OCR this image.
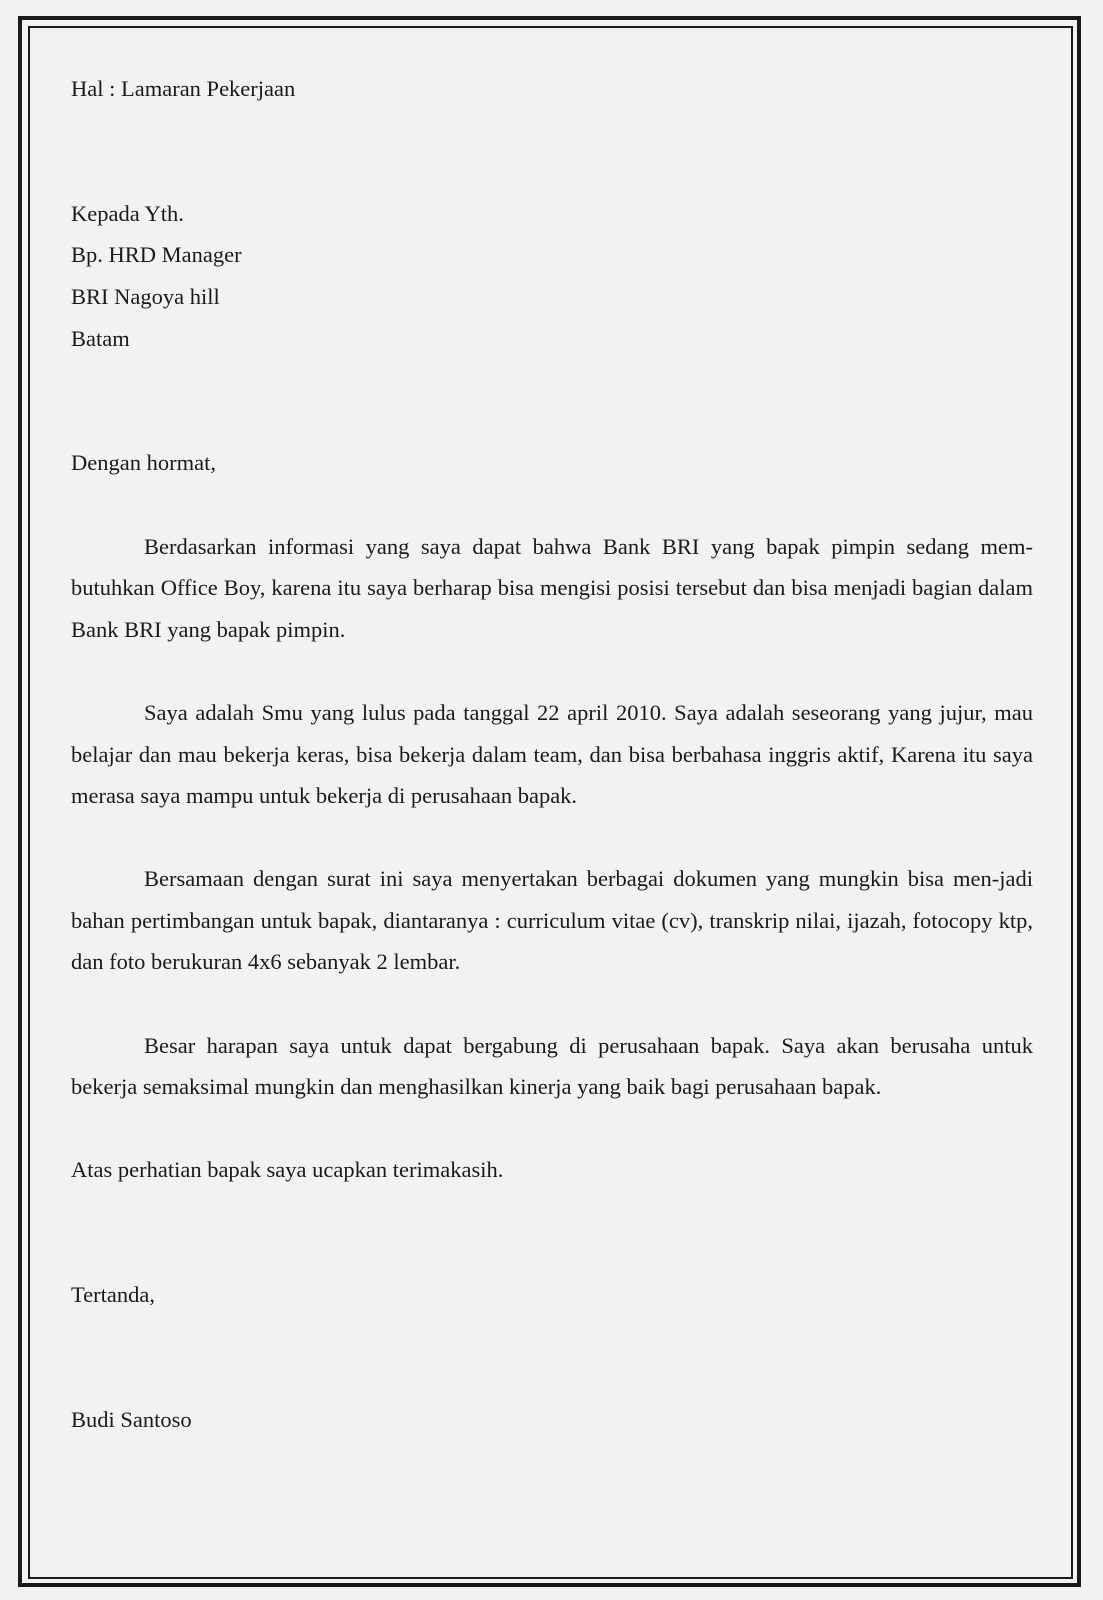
Hal : Lamaran Pekerjaan

Kepada Yth.

Bp. HRD Manager

BRI Nagoya hill

Batam

Dengan hormat,

Berdasarkan informasi yang saya dapat bahwa Bank BRI yang bapak pimpin sedang mem-butuhkan Office Boy, karena itu saya berharap bisa mengisi posisi tersebut dan bisa menjadi bagian dalam Bank BRI yang bapak pimpin.

Saya adalah Smu yang lulus pada tanggal 22 april 2010. Saya adalah seseorang yang jujur, mau belajar dan mau bekerja keras, bisa bekerja dalam team, dan bisa berbahasa inggris aktif, Karena itu saya merasa saya mampu untuk bekerja di perusahaan bapak.

Bersamaan dengan surat ini saya menyertakan berbagai dokumen yang mungkin bisa men-jadi bahan pertimbangan untuk bapak, diantaranya : curriculum vitae (cv), transkrip nilai, ijazah, fotocopy ktp, dan foto berukuran 4x6 sebanyak 2 lembar.

Besar harapan saya untuk dapat bergabung di perusahaan bapak. Saya akan berusaha untuk bekerja semaksimal mungkin dan menghasilkan kinerja yang baik bagi perusahaan bapak.

Atas perhatian bapak saya ucapkan terimakasih.

Tertanda,

Budi Santoso
